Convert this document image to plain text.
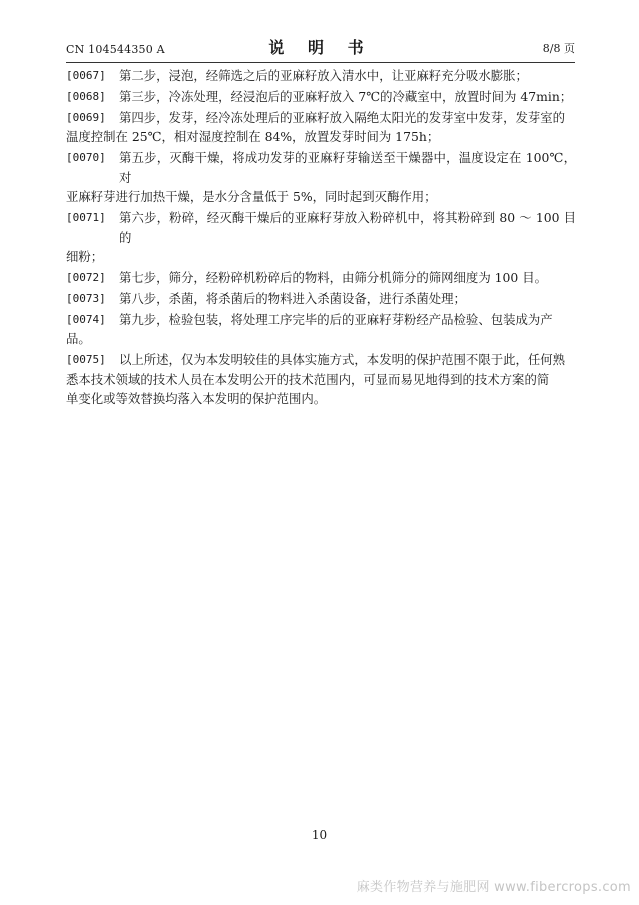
CN 104544350 A	说 明 书	8/8 页
[0067] 第二步，浸泡，经筛选之后的亚麻籽放入清水中，让亚麻籽充分吸水膨胀；
[0068] 第三步，冷冻处理，经浸泡后的亚麻籽放入 7℃的冷藏室中，放置时间为 47min；
[0069] 第四步，发芽，经冷冻处理后的亚麻籽放入隔绝太阳光的发芽室中发芽，发芽室的
温度控制在 25℃，相对湿度控制在 84%，放置发芽时间为 175h；
[0070] 第五步，灭酶干燥，将成功发芽的亚麻籽芽输送至干燥器中，温度设定在 100℃，对
亚麻籽芽进行加热干燥，是水分含量低于 5%，同时起到灭酶作用；
[0071] 第六步，粉碎，经灭酶干燥后的亚麻籽芽放入粉碎机中，将其粉碎到 80 ～ 100 目的
细粉；
[0072] 第七步，筛分，经粉碎机粉碎后的物料，由筛分机筛分的筛网细度为 100 目。
[0073] 第八步，杀菌，将杀菌后的物料进入杀菌设备，进行杀菌处理；
[0074] 第九步，检验包装，将处理工序完毕的后的亚麻籽芽粉经产品检验、包装成为产
品。
[0075] 以上所述，仅为本发明较佳的具体实施方式，本发明的保护范围不限于此，任何熟
悉本技术领域的技术人员在本发明公开的技术范围内，可显而易见地得到的技术方案的简
单变化或等效替换均落入本发明的保护范围内。
10
麻类作物营养与施肥网 www.fibercrops.com
